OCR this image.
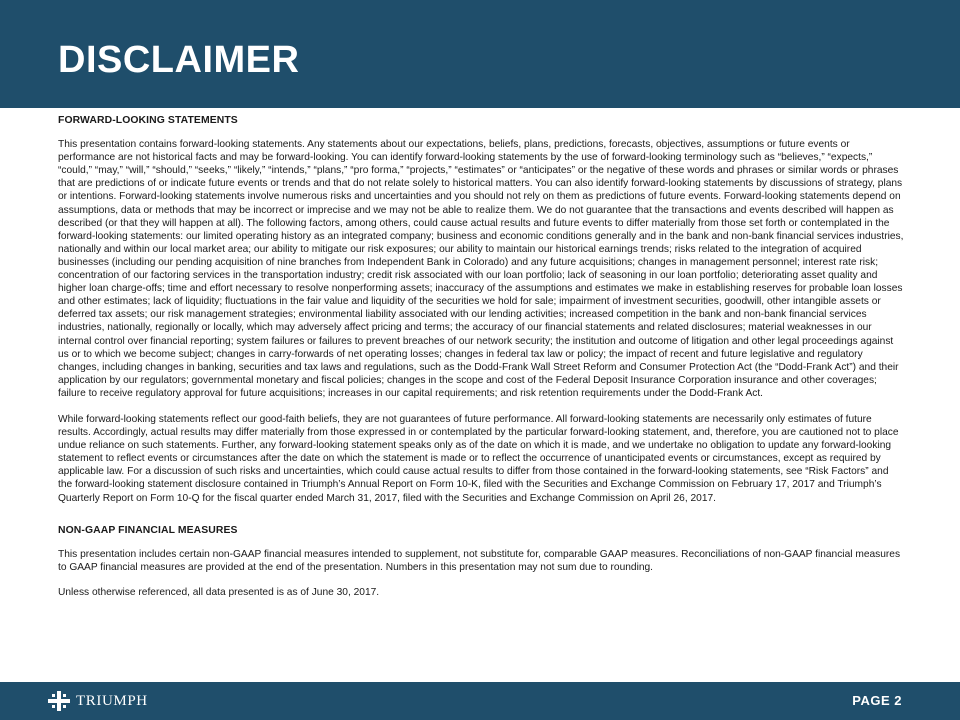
DISCLAIMER
FORWARD-LOOKING STATEMENTS

This presentation contains forward-looking statements. Any statements about our expectations, beliefs, plans, predictions, forecasts, objectives, assumptions or future events or performance are not historical facts and may be forward-looking. You can identify forward-looking statements by the use of forward-looking terminology such as “believes,” “expects,” “could,” “may,” “will,” “should,” “seeks,” “likely,” “intends,” “plans,” “pro forma,” “projects,” “estimates” or “anticipates” or the negative of these words and phrases or similar words or phrases that are predictions of or indicate future events or trends and that do not relate solely to historical matters. You can also identify forward-looking statements by discussions of strategy, plans or intentions. Forward-looking statements involve numerous risks and uncertainties and you should not rely on them as predictions of future events. Forward-looking statements depend on assumptions, data or methods that may be incorrect or imprecise and we may not be able to realize them. We do not guarantee that the transactions and events described will happen as described (or that they will happen at all). The following factors, among others, could cause actual results and future events to differ materially from those set forth or contemplated in the forward-looking statements: our limited operating history as an integrated company; business and economic conditions generally and in the bank and non-bank financial services industries, nationally and within our local market area; our ability to mitigate our risk exposures; our ability to maintain our historical earnings trends; risks related to the integration of acquired businesses (including our pending acquisition of nine branches from Independent Bank in Colorado) and any future acquisitions; changes in management personnel; interest rate risk; concentration of our factoring services in the transportation industry; credit risk associated with our loan portfolio; lack of seasoning in our loan portfolio; deteriorating asset quality and higher loan charge-offs; time and effort necessary to resolve nonperforming assets; inaccuracy of the assumptions and estimates we make in establishing reserves for probable loan losses and other estimates; lack of liquidity; fluctuations in the fair value and liquidity of the securities we hold for sale; impairment of investment securities, goodwill, other intangible assets or deferred tax assets; our risk management strategies; environmental liability associated with our lending activities; increased competition in the bank and non-bank financial services industries, nationally, regionally or locally, which may adversely affect pricing and terms; the accuracy of our financial statements and related disclosures; material weaknesses in our internal control over financial reporting; system failures or failures to prevent breaches of our network security; the institution and outcome of litigation and other legal proceedings against us or to which we become subject; changes in carry-forwards of net operating losses; changes in federal tax law or policy; the impact of recent and future legislative and regulatory changes, including changes in banking, securities and tax laws and regulations, such as the Dodd-Frank Wall Street Reform and Consumer Protection Act (the “Dodd-Frank Act”) and their application by our regulators; governmental monetary and fiscal policies; changes in the scope and cost of the Federal Deposit Insurance Corporation insurance and other coverages; failure to receive regulatory approval for future acquisitions; increases in our capital requirements; and risk retention requirements under the Dodd-Frank Act.

While forward-looking statements reflect our good-faith beliefs, they are not guarantees of future performance. All forward-looking statements are necessarily only estimates of future results. Accordingly, actual results may differ materially from those expressed in or contemplated by the particular forward-looking statement, and, therefore, you are cautioned not to place undue reliance on such statements. Further, any forward-looking statement speaks only as of the date on which it is made, and we undertake no obligation to update any forward-looking statement to reflect events or circumstances after the date on which the statement is made or to reflect the occurrence of unanticipated events or circumstances, except as required by applicable law. For a discussion of such risks and uncertainties, which could cause actual results to differ from those contained in the forward-looking statements, see “Risk Factors” and the forward-looking statement disclosure contained in Triumph’s Annual Report on Form 10-K, filed with the Securities and Exchange Commission on February 17, 2017 and Triumph’s Quarterly Report on Form 10-Q for the fiscal quarter ended March 31, 2017, filed with the Securities and Exchange Commission on April 26, 2017.

NON-GAAP FINANCIAL MEASURES

This presentation includes certain non-GAAP financial measures intended to supplement, not substitute for, comparable GAAP measures. Reconciliations of non-GAAP financial measures to GAAP financial measures are provided at the end of the presentation. Numbers in this presentation may not sum due to rounding.

Unless otherwise referenced, all data presented is as of June 30, 2017.

TRIUMPH	PAGE 2
